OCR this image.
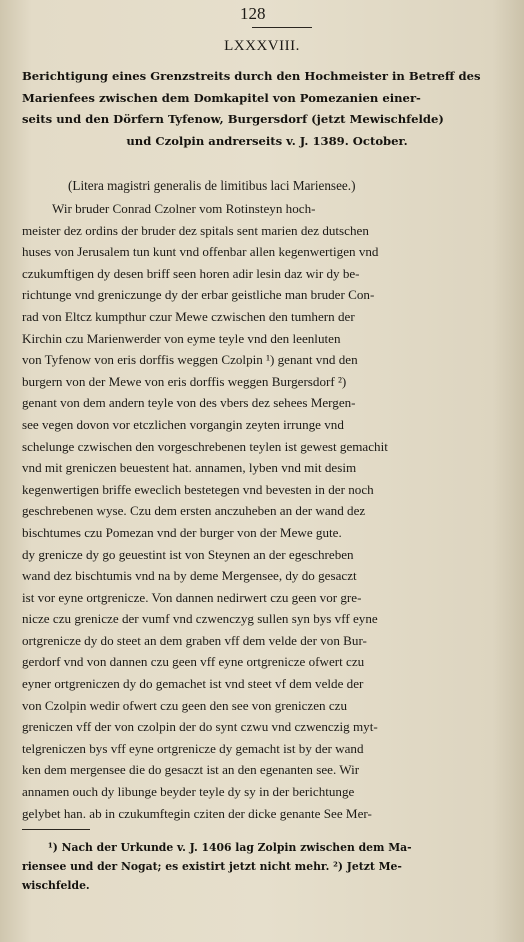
128
LXXXVIII.
Berichtigung eines Grenzstreits durch den Hochmeister in Betreff des
Marienfees zwischen dem Domkapitel von Pomezanien einer-
seits und den Dörfern Tyfenow, Burgersdorf (jetzt Mewischfelde)
und Czolpin andrerseits v. J. 1389. October.
(Litera magistri generalis de limitibus laci Mariensee.)
Wir bruder Conrad Czolner vom Rotinsteyn hoch-
meister dez ordins der bruder dez spitals sent marien dez dutschen
huses von Jerusalem tun kunt vnd offenbar allen kegenwertigen vnd
czukumftigen dy desen briff seen horen adir lesin daz wir dy be-
richtunge vnd greniczunge dy der erbar geistliche man bruder Con-
rad von Eltcz kumpthur czur Mewe czwischen den tumhern der
Kirchin czu Marienwerder von eyme teyle vnd den leenluten
von Tyfenow von eris dorffis weggen Czolpin ¹) genant vnd den
burgern von der Mewe von eris dorffis weggen Burgersdorf ²)
genant von dem andern teyle von des vbers dez sehees Mergen-
see vegen dovon vor etczlichen vorgangin zeyten irrunge vnd
schelunge czwischen den vorgeschrebenen teylen ist gewest gemachit
vnd mit greniczen beuestent hat. annamen, lyben vnd mit desim
kegenwertigen briffe eweclich bestetegen vnd bevesten in der noch
geschrebenen wyse. Czu dem ersten anczuheben an der wand dez
bischtumes czu Pomezan vnd der burger von der Mewe gute.
dy grenicze dy go geuestint ist von Steynen an der egeschreben
wand dez bischtumis vnd na by deme Mergensee, dy do gesaczt
ist vor eyne ortgrenicze. Von dannen nedirwert czu geen vor gre-
nicze czu grenicze der vumf vnd czwenczyg sullen syn bys vff eyne
ortgrenicze dy do steet an dem graben vff dem velde der von Bur-
gerdorf vnd von dannen czu geen vff eyne ortgrenicze ofwert czu
eyner ortgreniczen dy do gemachet ist vnd steet vf dem velde der
von Czolpin wedir ofwert czu geen den see von greniczen czu
greniczen vff der von czolpin der do synt czwu vnd czwenczig myt-
telgreniczen bys vff eyne ortgrenicze dy gemacht ist by der wand
ken dem mergensee die do gesaczt ist an den egenanten see. Wir
annamen ouch dy libunge beyder teyle dy sy in der berichtunge
gelybet han. ab in czukumftegin cziten der dicke genante See Mer-
¹) Nach der Urkunde v. J. 1406 lag Zolpin zwischen dem Ma-
riensee und der Nogat; es existirt jetzt nicht mehr. ²) Jetzt Me-
wischfelde.
